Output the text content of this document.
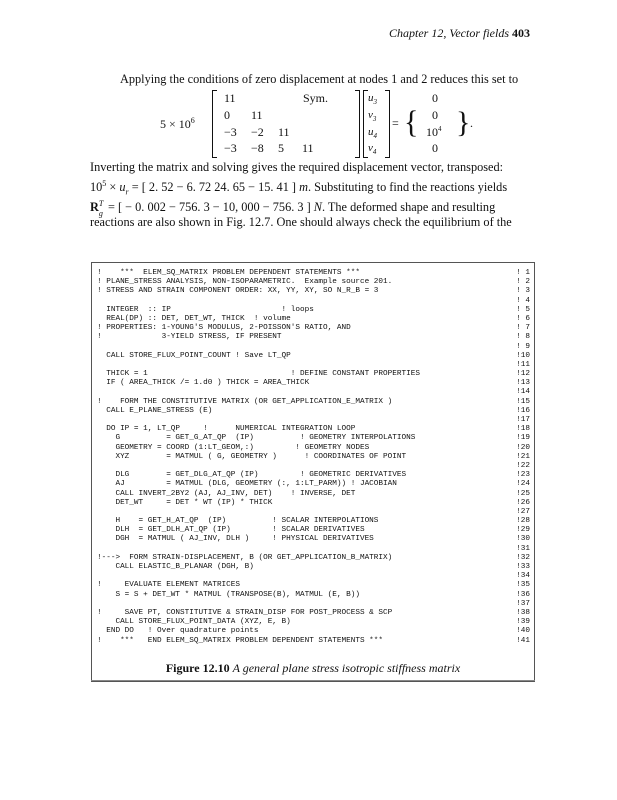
Chapter 12, Vector fields 403
Applying the conditions of zero displacement at nodes 1 and 2 reduces this set to
$5 \times 10^6$
11	Sym.
0 11
−3 −2 11
−3 −8 5 11
$u_3$
$v_3$
$u_4$
$v_4$
= {
0
0
$10^4$
0
} .
Inverting the matrix and solving gives the required displacement vector, transposed:
$10^5 \times u_r$ = [ 2. 52 − 6. 72 24. 65 − 15. 41 ] m. Substituting to find the reactions yields
R T
g = [ − 0. 002 − 756. 3 − 10, 000 − 756. 3 ] N. The deformed shape and resulting
reactions are also shown in Fig. 12.7. One should always check the equilibrium of the
!    ***  ELEM_SQ_MATRIX PROBLEM DEPENDENT STATEMENTS ***	! 1
! PLANE_STRESS ANALYSIS, NON-ISOPARAMETRIC.  Example source 201.	! 2
! STRESS AND STRAIN COMPONENT ORDER: XX, YY, XY, SO N_R_B = 3	! 3
! 4
INTEGER  :: IP                        ! loops	! 5
REAL(DP) :: DET, DET_WT, THICK  ! volume	! 6
! PROPERTIES: 1-YOUNG'S MODULUS, 2-POISSON'S RATIO, AND	! 7
!             3-YIELD STRESS, IF PRESENT	! 8
! 9
CALL STORE_FLUX_POINT_COUNT ! Save LT_QP	!10
!11
THICK = 1                               ! DEFINE CONSTANT PROPERTIES	!12
IF ( AREA_THICK /= 1.d0 ) THICK = AREA_THICK	!13
!14
!    FORM THE CONSTITUTIVE MATRIX (OR GET_APPLICATION_E_MATRIX )	!15
CALL E_PLANE_STRESS (E)	!16
!17
DO IP = 1, LT_QP     !      NUMERICAL INTEGRATION LOOP	!18
G          = GET_G_AT_QP  (IP)          ! GEOMETRY INTERPOLATIONS	!19
GEOMETRY = COORD (1:LT_GEOM,:)         ! GEOMETRY NODES	!20
XYZ        = MATMUL ( G, GEOMETRY )      ! COORDINATES OF POINT	!21
!22
DLG        = GET_DLG_AT_QP (IP)         ! GEOMETRIC DERIVATIVES	!23
AJ         = MATMUL (DLG, GEOMETRY (:, 1:LT_PARM)) ! JACOBIAN	!24
CALL INVERT_2BY2 (AJ, AJ_INV, DET)    ! INVERSE, DET	!25
DET_WT     = DET * WT (IP) * THICK	!26
!27
H    = GET_H_AT_QP  (IP)          ! SCALAR INTERPOLATIONS	!28
DLH  = GET_DLH_AT_QP (IP)         ! SCALAR DERIVATIVES	!29
DGH  = MATMUL ( AJ_INV, DLH )     ! PHYSICAL DERIVATIVES	!30
!31
!--->  FORM STRAIN-DISPLACEMENT, B (OR GET_APPLICATION_B_MATRIX)	!32
CALL ELASTIC_B_PLANAR (DGH, B)	!33
!34
!     EVALUATE ELEMENT MATRICES	!35
S = S + DET_WT * MATMUL (TRANSPOSE(B), MATMUL (E, B))	!36
!37
!     SAVE PT, CONSTITUTIVE & STRAIN_DISP FOR POST_PROCESS & SCP	!38
CALL STORE_FLUX_POINT_DATA (XYZ, E, B)	!39
END DO   ! Over quadrature points	!40
!    ***   END ELEM_SQ_MATRIX PROBLEM DEPENDENT STATEMENTS ***	!41
Figure 12.10 A general plane stress isotropic stiffness matrix
